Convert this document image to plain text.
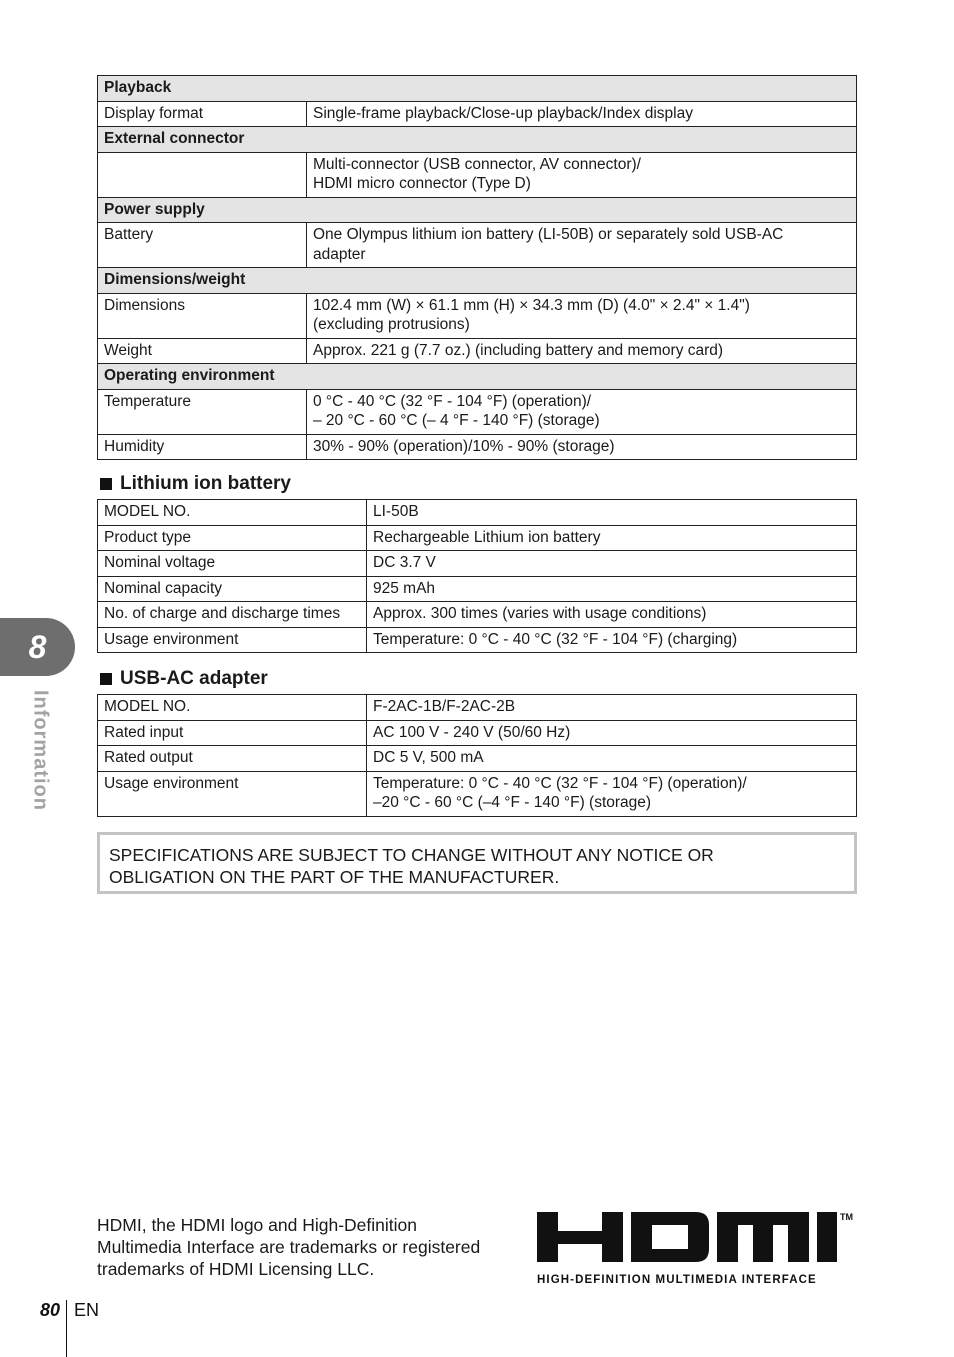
Playback	
Display format	Single-frame playback/Close-up playback/Index display
External connector	

	Multi-connector (USB connector, AV connector)/
HDMI micro connector (Type D)

Power supply	
Battery	One Olympus lithium ion battery (LI-50B) or separately sold USB-AC
adapter

Dimensions/weight	
Dimensions	102.4 mm (W) × 61.1 mm (H) × 34.3 mm (D) (4.0" × 2.4" × 1.4")
(excluding protrusions)

Weight	Approx. 221 g (7.7 oz.) (including battery and memory card)
Operating environment	
Temperature	0 °C - 40 °C (32 °F - 104 °F) (operation)/
– 20 °C - 60 °C (– 4 °F - 140 °F) (storage)

Humidity	30% - 90% (operation)/10% - 90% (storage)
Lithium ion battery
MODEL NO.	LI-50B
Product type	Rechargeable Lithium ion battery
Nominal voltage	DC 3.7 V
Nominal capacity	925 mAh
No. of charge and discharge times	Approx. 300 times (varies with usage conditions)
Usage environment	Temperature: 0 °C - 40 °C (32 °F - 104 °F) (charging)
USB-AC adapter
MODEL NO.	F-2AC-1B/F-2AC-2B
Rated input	AC 100 V - 240 V (50/60 Hz)
Rated output	DC 5 V, 500 mA
Usage environment	Temperature: 0 °C - 40 °C (32 °F - 104 °F) (operation)/
–20 °C - 60 °C (–4 °F - 140 °F) (storage)
SPECIFICATIONS ARE SUBJECT TO CHANGE WITHOUT ANY NOTICE OR
OBLIGATION ON THE PART OF THE MANUFACTURER.
8
Information
HDMI, the HDMI logo and High-Definition
Multimedia Interface are trademarks or registered
trademarks of HDMI Licensing LLC.
TM
HIGH-DEFINITION MULTIMEDIA INTERFACE
80 EN
